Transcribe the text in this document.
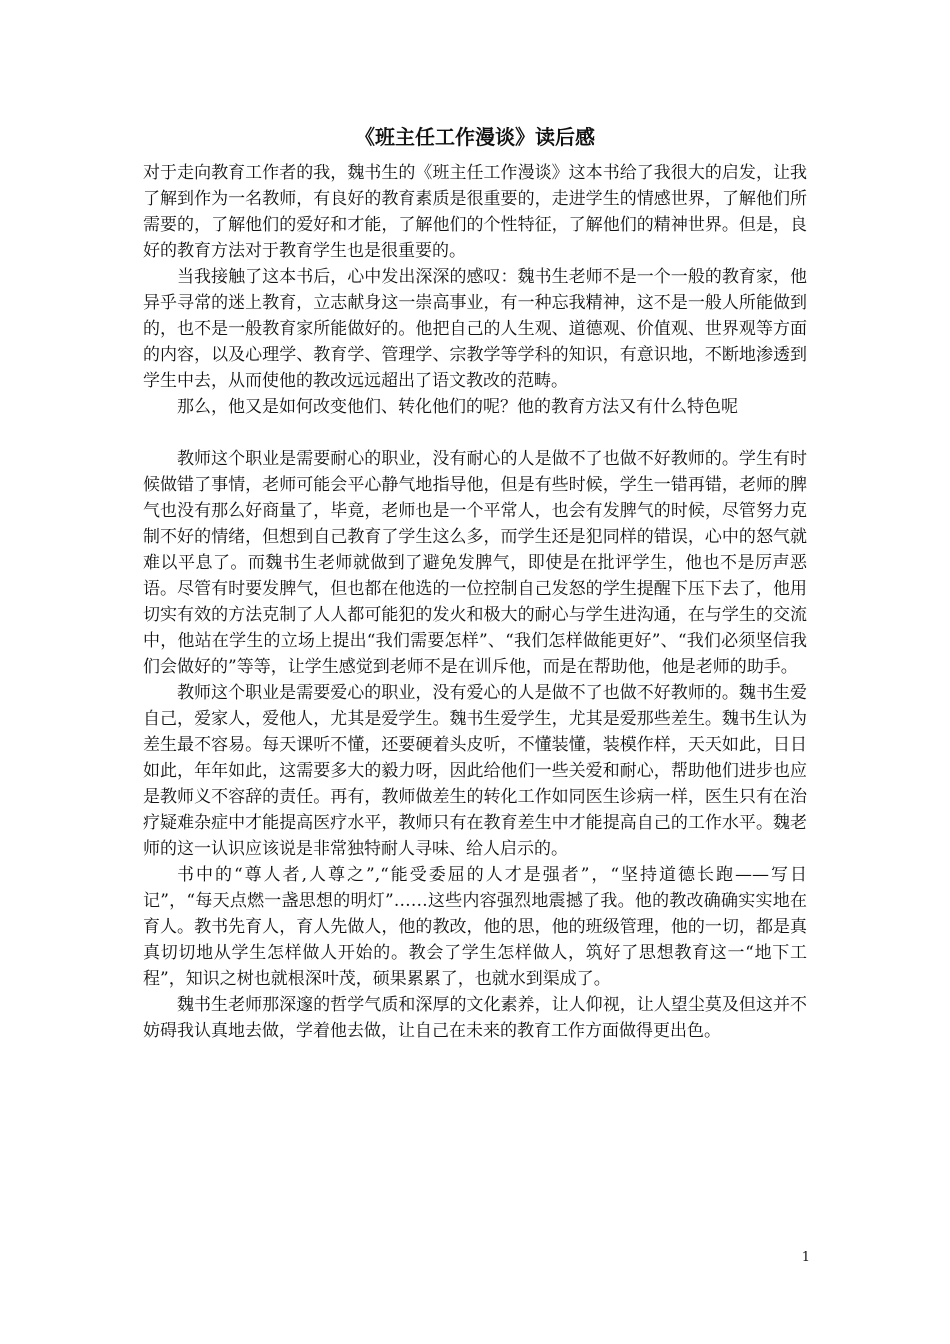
《班主任工作漫谈》读后感

对于走向教育工作者的我，魏书生的《班主任工作漫谈》这本书给了我很大的启发，让我了解到作为一名教师，有良好的教育素质是很重要的，走进学生的情感世界，了解他们所需要的，了解他们的爱好和才能，了解他们的个性特征，了解他们的精神世界。但是，良好的教育方法对于教育学生也是很重要的。

当我接触了这本书后，心中发出深深的感叹：魏书生老师不是一个一般的教育家，他异乎寻常的迷上教育，立志献身这一崇高事业，有一种忘我精神，这不是一般人所能做到的，也不是一般教育家所能做好的。他把自己的人生观、道德观、价值观、世界观等方面的内容，以及心理学、教育学、管理学、宗教学等学科的知识，有意识地，不断地渗透到学生中去，从而使他的教改远远超出了语文教改的范畴。

那么，他又是如何改变他们、转化他们的呢？他的教育方法又有什么特色呢

教师这个职业是需要耐心的职业，没有耐心的人是做不了也做不好教师的。学生有时候做错了事情，老师可能会平心静气地指导他，但是有些时候，学生一错再错，老师的脾气也没有那么好商量了，毕竟，老师也是一个平常人，也会有发脾气的时候，尽管努力克制不好的情绪，但想到自己教育了学生这么多，而学生还是犯同样的错误，心中的怒气就难以平息了。而魏书生老师就做到了避免发脾气，即使是在批评学生，他也不是厉声恶语。尽管有时要发脾气，但也都在他选的一位控制自己发怒的学生提醒下压下去了，他用切实有效的方法克制了人人都可能犯的发火和极大的耐心与学生进沟通，在与学生的交流中，他站在学生的立场上提出“我们需要怎样”、“我们怎样做能更好”、“我们必须坚信我们会做好的”等等，让学生感觉到老师不是在训斥他，而是在帮助他，他是老师的助手。

教师这个职业是需要爱心的职业，没有爱心的人是做不了也做不好教师的。魏书生爱自己，爱家人，爱他人，尤其是爱学生。魏书生爱学生，尤其是爱那些差生。魏书生认为差生最不容易。每天课听不懂，还要硬着头皮听，不懂装懂，装模作样，天天如此，日日如此，年年如此，这需要多大的毅力呀，因此给他们一些关爱和耐心，帮助他们进步也应是教师义不容辞的责任。再有，教师做差生的转化工作如同医生诊病一样，医生只有在治疗疑难杂症中才能提高医疗水平，教师只有在教育差生中才能提高自己的工作水平。魏老师的这一认识应该说是非常独特耐人寻味、给人启示的。

书中的“尊人者,人尊之”,“能受委屈的人才是强者”，“坚持道德长跑——写日记”，“每天点燃一盏思想的明灯”……这些内容强烈地震撼了我。他的教改确确实实地在育人。教书先育人，育人先做人，他的教改，他的思，他的班级管理，他的一切，都是真真切切地从学生怎样做人开始的。教会了学生怎样做人，筑好了思想教育这一“地下工程”，知识之树也就根深叶茂，硕果累累了，也就水到渠成了。

魏书生老师那深邃的哲学气质和深厚的文化素养，让人仰视，让人望尘莫及但这并不妨碍我认真地去做，学着他去做，让自己在未来的教育工作方面做得更出色。

1
